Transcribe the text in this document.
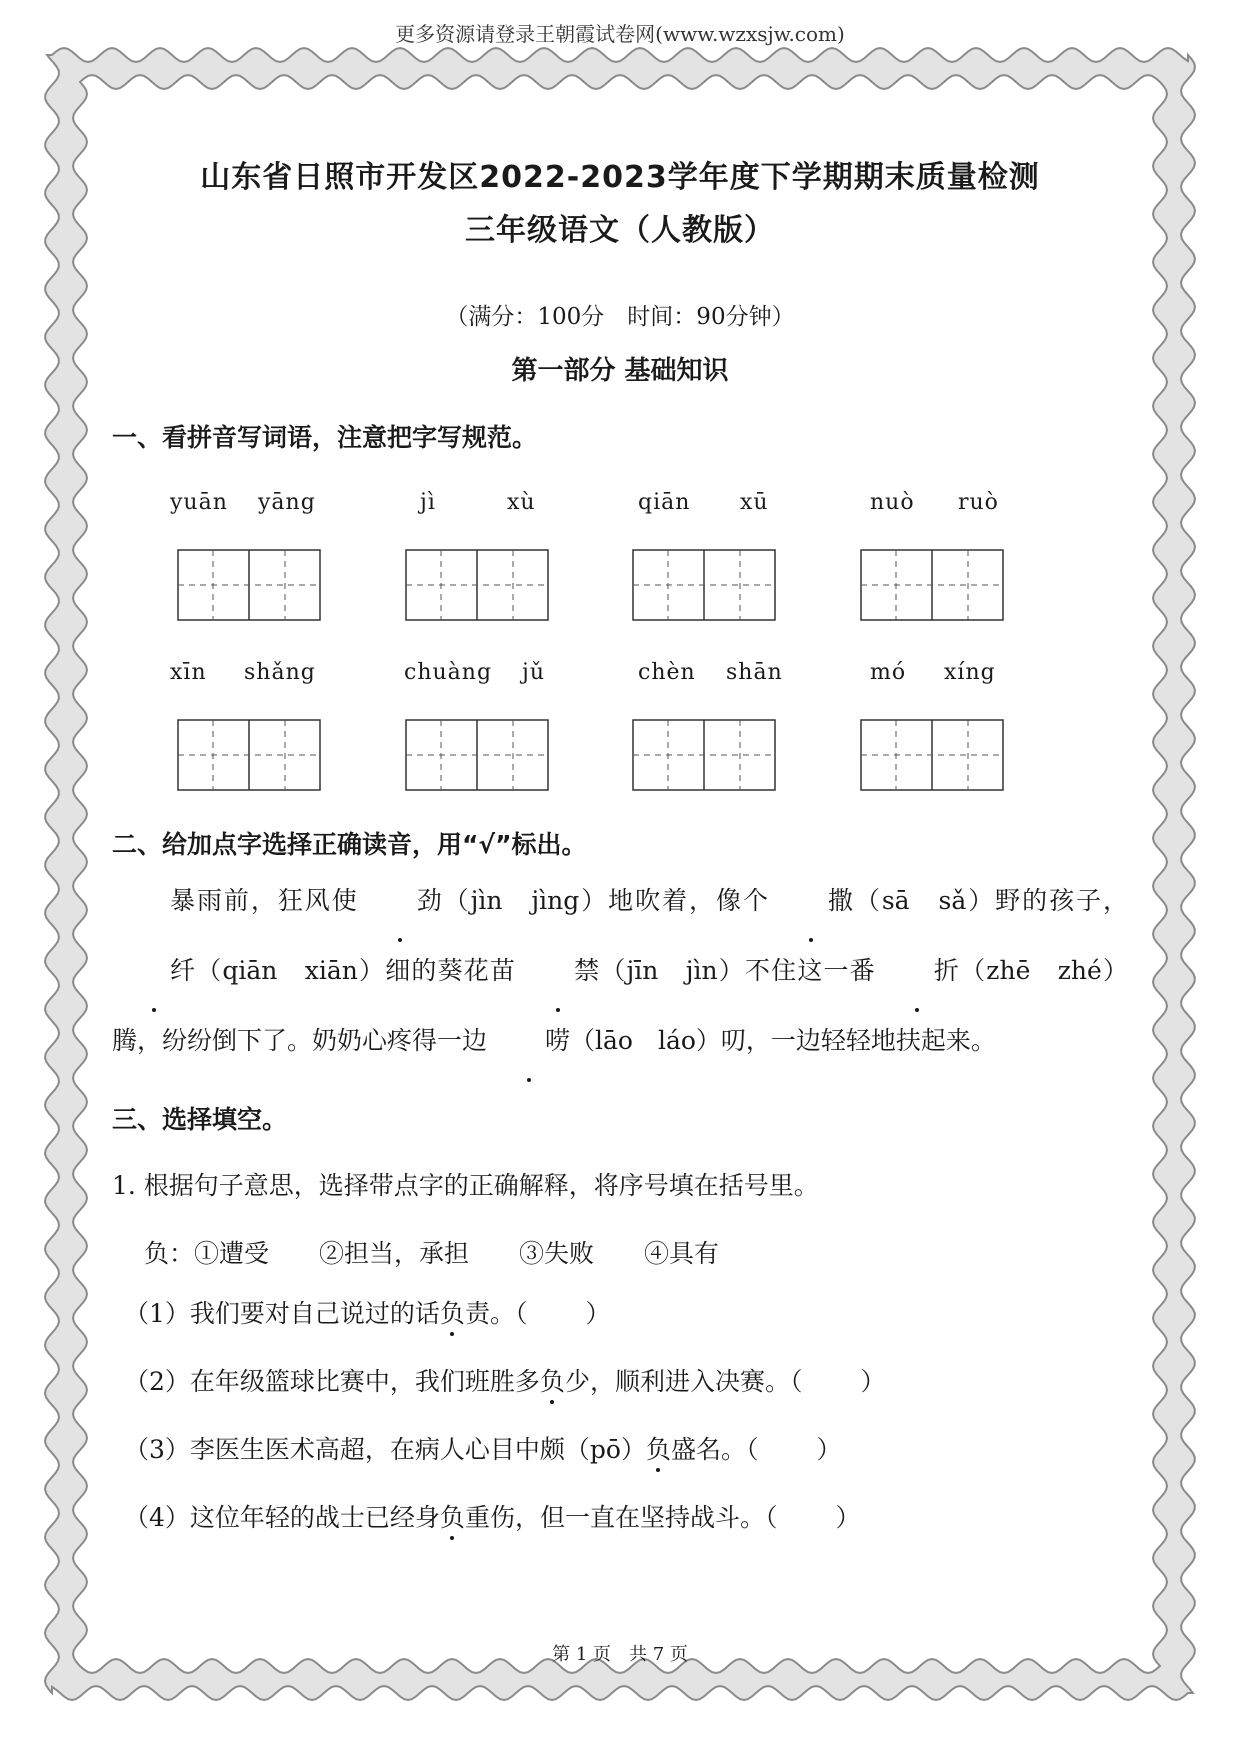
更多资源请登录王朝霞试卷网(www.wzxsjw.com)
山东省日照市开发区2022-2023学年度下学期期末质量检测
三年级语文（人教版）
（满分：100分　时间：90分钟）
第一部分 基础知识
一、看拼音写词语，注意把字写规范。
yuān yāng	jì	xù	qiān xū	nuò ruò
xīn shǎng	chuàng jǔ	chèn shān	mó xíng
二、给加点字选择正确读音，用“√”标出。
暴雨前，狂风使 劲（jìn　jìng）地吹着，像个 撒（sā　sǎ）野的孩子，纤（qiān　xiān）细的葵花苗 禁（jīn　jìn）不住这一番 折（zhē　zhé）腾，纷纷倒下了。奶奶心疼得一边 唠（lāo　láo）叨，一边轻轻地扶起来。
三、选择填空。
1. 根据句子意思，选择带点字的正确解释，将序号填在括号里。
负：①遭受　　②担当，承担　　③失败　　④具有
（1）我们要对自己说过的话负责。（ ）
（2）在年级篮球比赛中，我们班胜多负少，顺利进入决赛。（ ）
（3）李医生医术高超，在病人心目中颇（pō）负盛名。（ ）
（4）这位年轻的战士已经身负重伤，但一直在坚持战斗。（ ）
第 1 页　共 7 页
